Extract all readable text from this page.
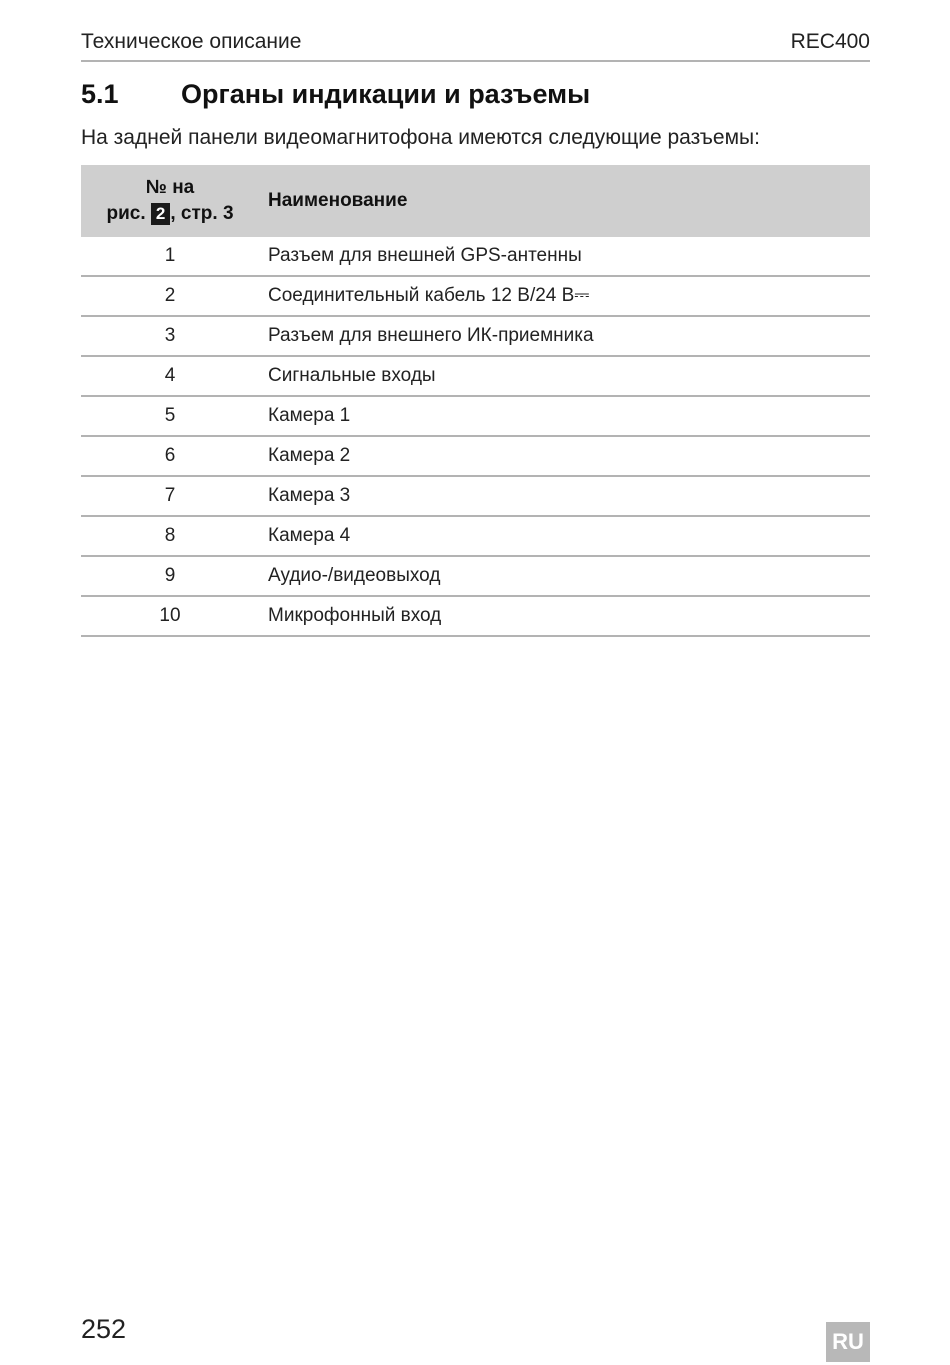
Техническое описание	REC400
5.1	Органы индикации и разъемы
На задней панели видеомагнитофона имеются следующие разъемы:
№ на
рис. 2 , стр. 3	Наименование
1	Разъем для внешней GPS-антенны
2	Соединительный кабель 12 В/24 В⎓
3	Разъем для внешнего ИК-приемника
4	Сигнальные входы
5	Камера 1
6	Камера 2
7	Камера 3
8	Камера 4
9	Аудио-/видеовыход
10	Микрофонный вход
252	RU
